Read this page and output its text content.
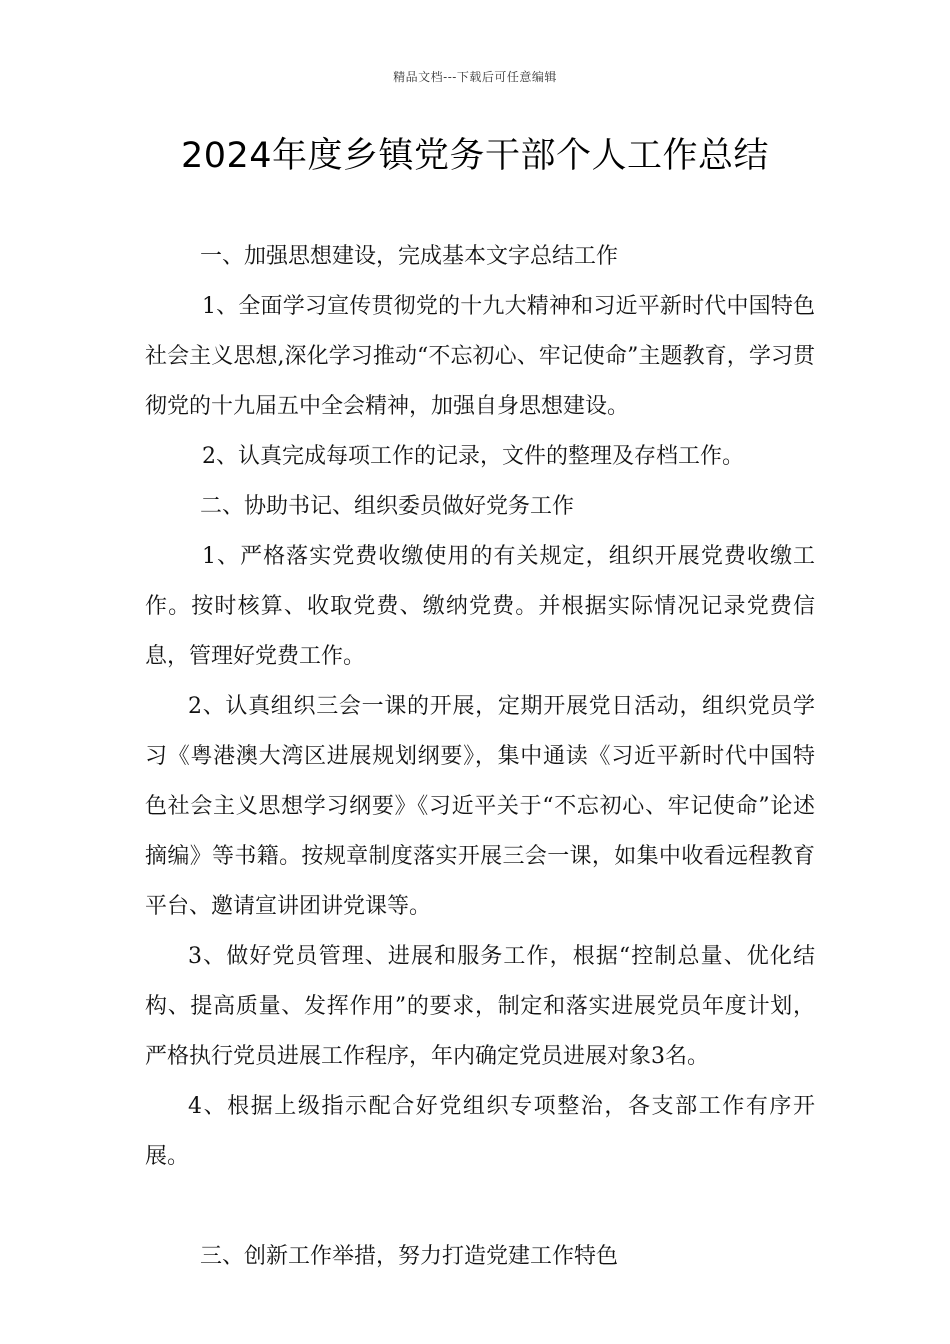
精品文档---下载后可任意编辑
2024年度乡镇党务干部个人工作总结

一、加强思想建设，完成基本文字总结工作

1、全面学习宣传贯彻党的十九大精神和习近平新时代中国特色社会主义思想,深化学习推动“不忘初心、牢记使命”主题教育，学习贯彻党的十九届五中全会精神，加强自身思想建设。

2、认真完成每项工作的记录，文件的整理及存档工作。

二、协助书记、组织委员做好党务工作

1、严格落实党费收缴使用的有关规定，组织开展党费收缴工作。按时核算、收取党费、缴纳党费。并根据实际情况记录党费信息，管理好党费工作。

2、认真组织三会一课的开展，定期开展党日活动，组织党员学习《粤港澳大湾区进展规划纲要》，集中通读《习近平新时代中国特色社会主义思想学习纲要》《习近平关于“不忘初心、牢记使命”论述摘编》等书籍。按规章制度落实开展三会一课，如集中收看远程教育平台、邀请宣讲团讲党课等。

3、做好党员管理、进展和服务工作，根据“控制总量、优化结构、提高质量、发挥作用”的要求，制定和落实进展党员年度计划，严格执行党员进展工作程序，年内确定党员进展对象3名。

4、根据上级指示配合好党组织专项整治，各支部工作有序开展。

三、创新工作举措，努力打造党建工作特色
